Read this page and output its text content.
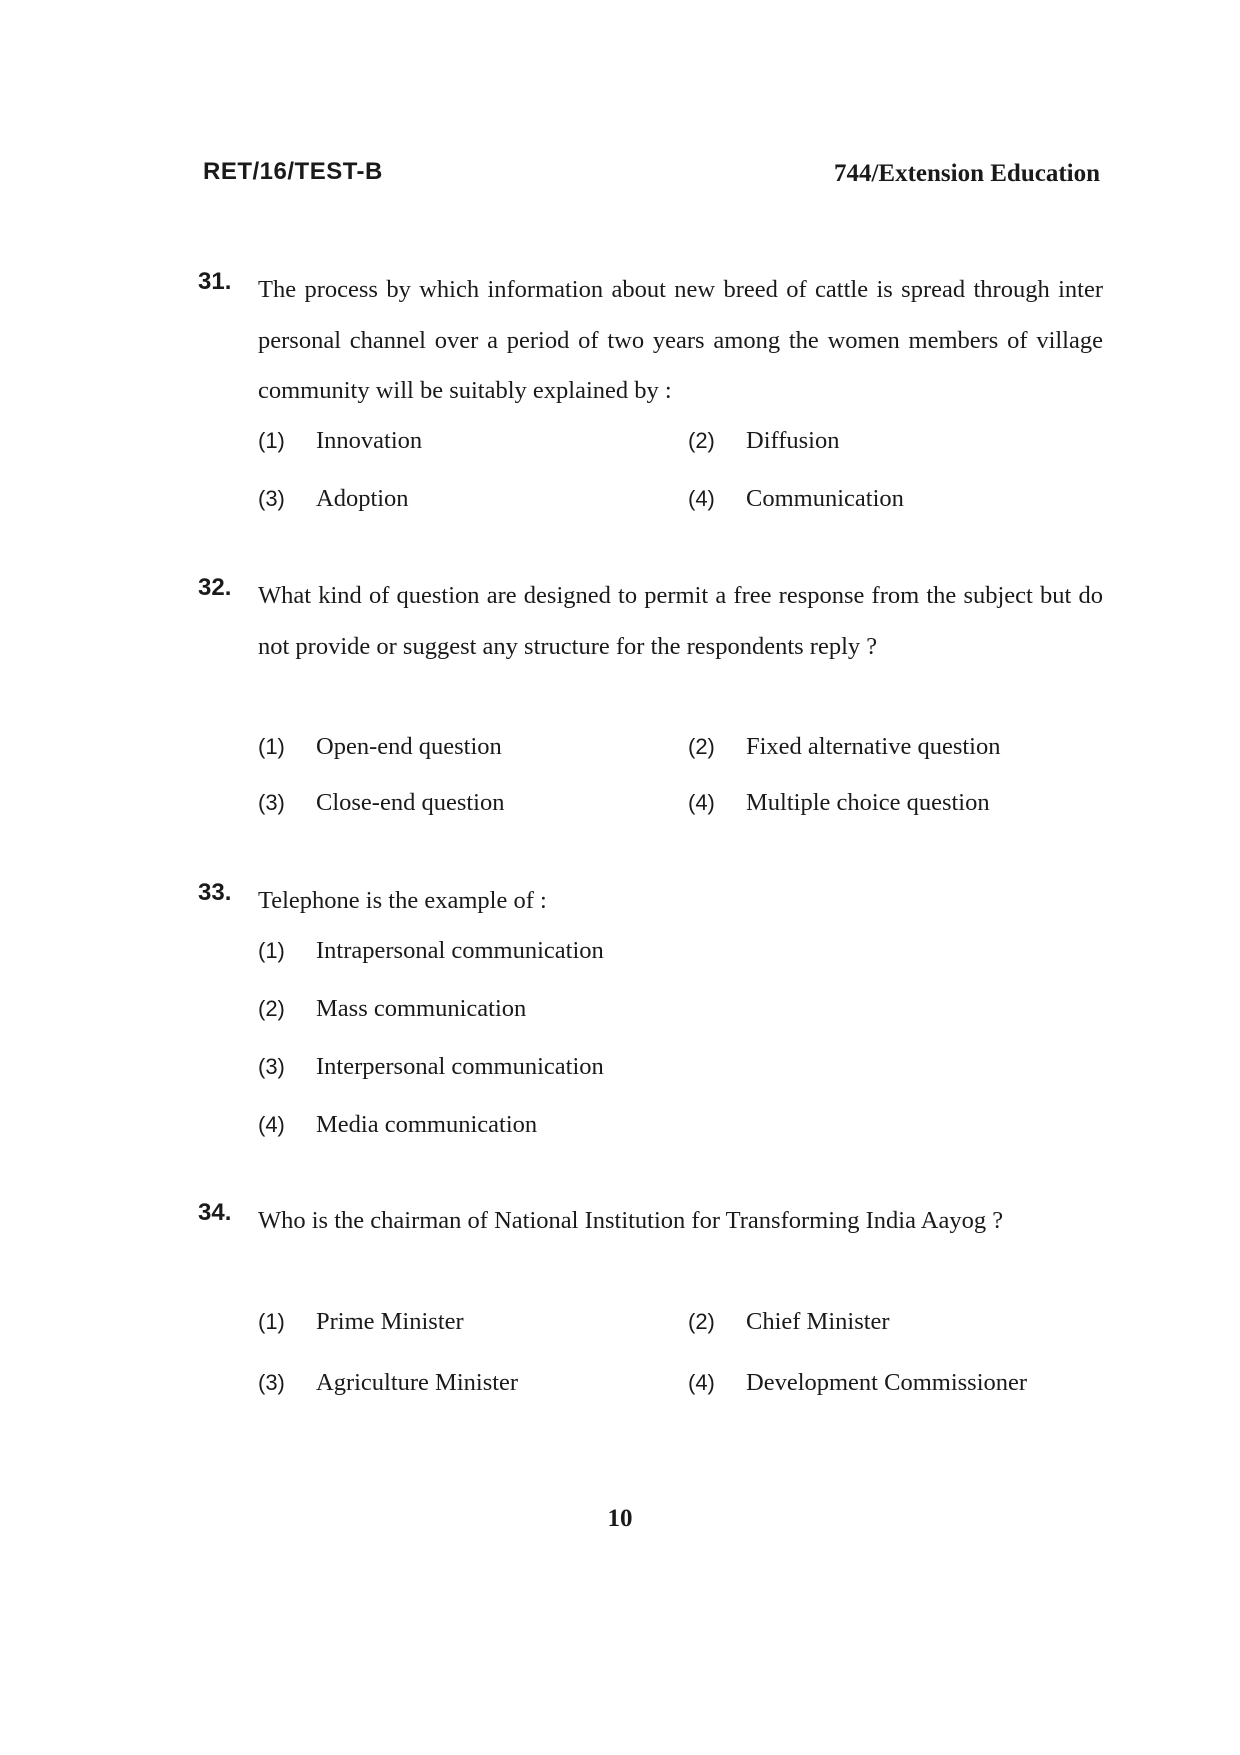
RET/16/TEST-B	744/Extension Education
31. The process by which information about new breed of cattle is spread through inter personal channel over a period of two years among the women members of village community will be suitably explained by :
(1) Innovation	(2) Diffusion
(3) Adoption	(4) Communication
32. What kind of question are designed to permit a free response from the subject but do not provide or suggest any structure for the respondents reply ?
(1) Open-end question	(2) Fixed alternative question
(3) Close-end question	(4) Multiple choice question
33. Telephone is the example of :
(1) Intrapersonal communication
(2) Mass communication
(3) Interpersonal communication
(4) Media communication
34. Who is the chairman of National Institution for Transforming India Aayog ?
(1) Prime Minister	(2) Chief Minister
(3) Agriculture Minister	(4) Development Commissioner
10
